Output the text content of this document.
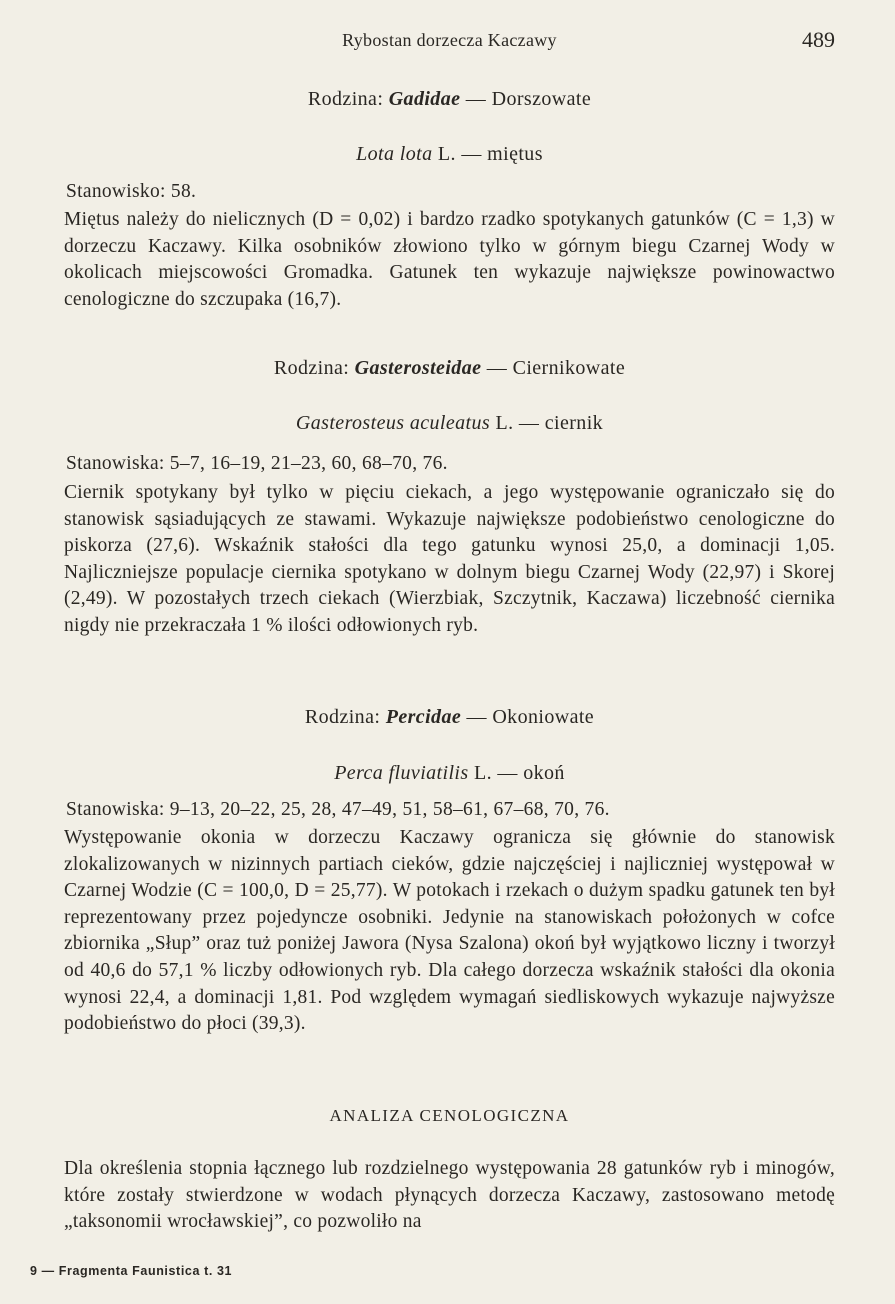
Rybostan dorzecza Kaczawy	489
Rodzina: Gadidae — Dorszowate
Lota lota L. — miętus
Stanowisko: 58.

Miętus należy do nielicznych (D = 0,02) i bardzo rzadko spotykanych gatunków (C = 1,3) w dorzeczu Kaczawy. Kilka osobników złowiono tylko w górnym biegu Czarnej Wody w okolicach miejscowości Gromadka. Gatunek ten wykazuje największe powinowactwo cenologiczne do szczupaka (16,7).

Rodzina: Gasterosteidae — Ciernikowate
Gasterosteus aculeatus L. — ciernik
Stanowiska: 5–7, 16–19, 21–23, 60, 68–70, 76.

Ciernik spotykany był tylko w pięciu ciekach, a jego występowanie ograniczało się do stanowisk sąsiadujących ze stawami. Wykazuje największe podobieństwo cenologiczne do piskorza (27,6). Wskaźnik stałości dla tego gatunku wynosi 25,0, a dominacji 1,05. Najliczniejsze populacje ciernika spotykano w dolnym biegu Czarnej Wody (22,97) i Skorej (2,49). W pozostałych trzech ciekach (Wierzbiak, Szczytnik, Kaczawa) liczebność ciernika nigdy nie przekraczała 1 % ilości odłowionych ryb.

Rodzina: Percidae — Okoniowate
Perca fluviatilis L. — okoń
Stanowiska: 9–13, 20–22, 25, 28, 47–49, 51, 58–61, 67–68, 70, 76.

Występowanie okonia w dorzeczu Kaczawy ogranicza się głównie do stanowisk zlokalizowanych w nizinnych partiach cieków, gdzie najczęściej i najliczniej występował w Czarnej Wodzie (C = 100,0, D = 25,77). W potokach i rzekach o dużym spadku gatunek ten był reprezentowany przez pojedyncze osobniki. Jedynie na stanowiskach położonych w cofce zbiornika „Słup” oraz tuż poniżej Jawora (Nysa Szalona) okoń był wyjątkowo liczny i tworzył od 40,6 do 57,1 % liczby odłowionych ryb. Dla całego dorzecza wskaźnik stałości dla okonia wynosi 22,4, a dominacji 1,81. Pod względem wymagań siedliskowych wykazuje najwyższe podobieństwo do płoci (39,3).

ANALIZA CENOLOGICZNA

Dla określenia stopnia łącznego lub rozdzielnego występowania 28 gatunków ryb i minogów, które zostały stwierdzone w wodach płynących dorzecza Kaczawy, zastosowano metodę „taksonomii wrocławskiej”, co pozwoliło na

9 — Fragmenta Faunistica t. 31
